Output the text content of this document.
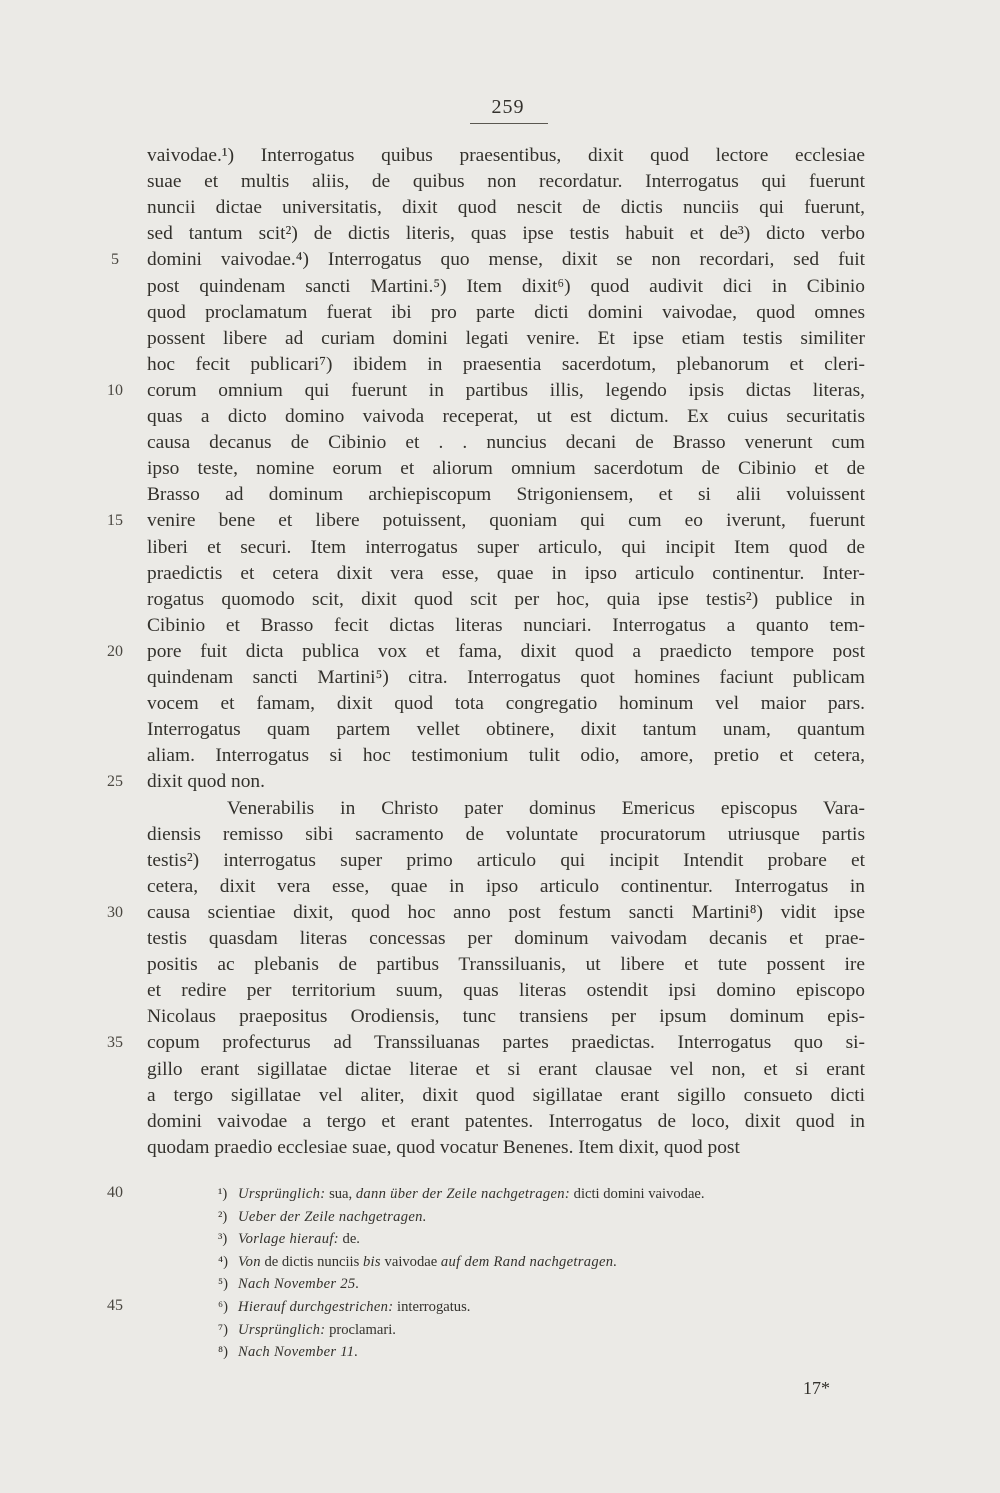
259
vaivodae.¹) Interrogatus quibus praesentibus, dixit quod lectore ecclesiae
suae et multis aliis, de quibus non recordatur. Interrogatus qui fuerunt
nuncii dictae universitatis, dixit quod nescit de dictis nunciis qui fuerunt,
sed tantum scit²) de dictis literis, quas ipse testis habuit et de³) dicto verbo
domini vaivodae.⁴) Interrogatus quo mense, dixit se non recordari, sed fuit
post quindenam sancti Martini.⁵) Item dixit⁶) quod audivit dici in Cibinio
quod proclamatum fuerat ibi pro parte dicti domini vaivodae, quod omnes
possent libere ad curiam domini legati venire. Et ipse etiam testis similiter
hoc fecit publicari⁷) ibidem in praesentia sacerdotum, plebanorum et cleri-
corum omnium qui fuerunt in partibus illis, legendo ipsis dictas literas,
quas a dicto domino vaivoda receperat, ut est dictum. Ex cuius securitatis
causa decanus de Cibinio et . . nuncius decani de Brasso venerunt cum
ipso teste, nomine eorum et aliorum omnium sacerdotum de Cibinio et de
Brasso ad dominum archiepiscopum Strigoniensem, et si alii voluissent
venire bene et libere potuissent, quoniam qui cum eo iverunt, fuerunt
liberi et securi. Item interrogatus super articulo, qui incipit Item quod de
praedictis et cetera dixit vera esse, quae in ipso articulo continentur. Inter-
rogatus quomodo scit, dixit quod scit per hoc, quia ipse testis²) publice in
Cibinio et Brasso fecit dictas literas nunciari. Interrogatus a quanto tem-
pore fuit dicta publica vox et fama, dixit quod a praedicto tempore post
quindenam sancti Martini⁵) citra. Interrogatus quot homines faciunt publicam
vocem et famam, dixit quod tota congregatio hominum vel maior pars.
Interrogatus quam partem vellet obtinere, dixit tantum unam, quantum
aliam. Interrogatus si hoc testimonium tulit odio, amore, pretio et cetera,
dixit quod non.
Venerabilis in Christo pater dominus Emericus episcopus Vara-
diensis remisso sibi sacramento de voluntate procuratorum utriusque partis
testis²) interrogatus super primo articulo qui incipit Intendit probare et
cetera, dixit vera esse, quae in ipso articulo continentur. Interrogatus in
causa scientiae dixit, quod hoc anno post festum sancti Martini⁸) vidit ipse
testis quasdam literas concessas per dominum vaivodam decanis et prae-
positis ac plebanis de partibus Transsiluanis, ut libere et tute possent ire
et redire per territorium suum, quas literas ostendit ipsi domino episcopo
Nicolaus praepositus Orodiensis, tunc transiens per ipsum dominum epis-
copum profecturus ad Transsiluanas partes praedictas. Interrogatus quo si-
gillo erant sigillatae dictae literae et si erant clausae vel non, et si erant
a tergo sigillatae vel aliter, dixit quod sigillatae erant sigillo consueto dicti
domini vaivodae a tergo et erant patentes. Interrogatus de loco, dixit quod in
quodam praedio ecclesiae suae, quod vocatur Benenes. Item dixit, quod post
5
10
15
20
25
30
35
40
45
¹) Ursprünglich: sua, dann über der Zeile nachgetragen: dicti domini vaivodae.
²) Ueber der Zeile nachgetragen.
³) Vorlage hierauf: de.
⁴) Von de dictis nunciis bis vaivodae auf dem Rand nachgetragen.
⁵) Nach November 25.
⁶) Hierauf durchgestrichen: interrogatus.
⁷) Ursprünglich: proclamari.
⁸) Nach November 11.
17*
